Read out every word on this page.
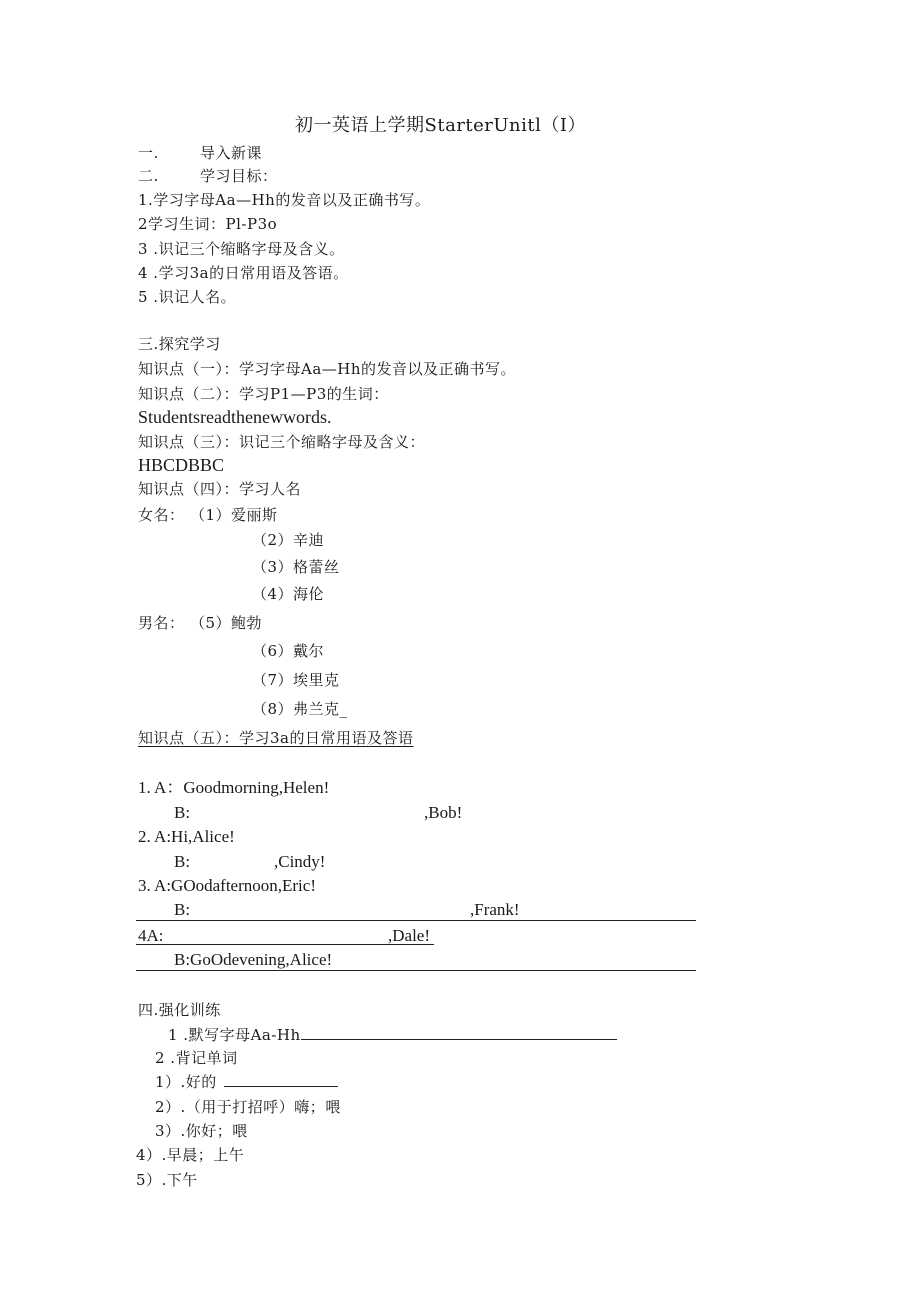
初一英语上学期StarterUnitl（I）
一.	导入新课
二.	学习目标：
1.学习字母Aa—Hh的发音以及正确书写。
2学习生词：Pl-P3o
3 .识记三个缩略字母及含义。
4 .学习3a的日常用语及答语。
5 .识记人名。
三.探究学习
知识点（一）：学习字母Aa—Hh的发音以及正确书写。
知识点（二）：学习P1—P3的生词：
Studentsreadthenewwords.
知识点（三）：识记三个缩略字母及含义：
HBCDBBC
知识点（四）：学习人名
女名： （1）爱丽斯
（2）辛迪
（3）格蕾丝
（4）海伦
男名： （5）鲍勃
（6）戴尔
（7）埃里克
（8）弗兰克_
知识点（五）：学习3a的日常用语及答语
1. A：Goodmorning,Helen!
B:	,Bob!
2. A:Hi,Alice!
B:	,Cindy!
3. A:GOodafternoon,Eric!
B:	,Frank!
4A:	,Dale!
B:GoOdevening,Alice!
四.强化训练
1 .默写字母Aa-Hh
2 .背记单词
1）.好的
2）.（用于打招呼）嗨；喂
3）.你好；喂
4）.早晨；上午
5）.下午
